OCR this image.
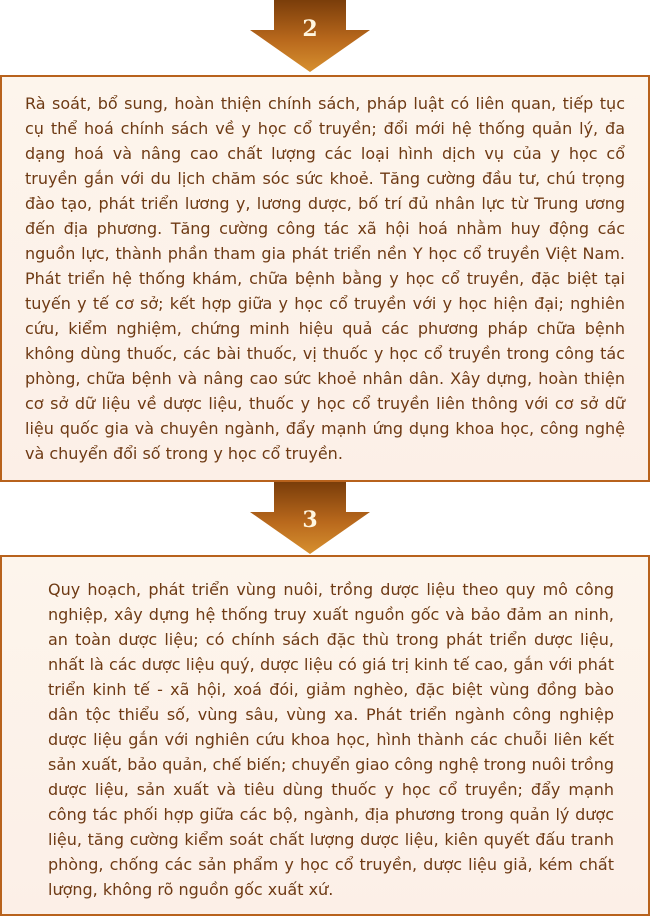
2

Rà soát, bổ sung, hoàn thiện chính sách, pháp luật có liên quan, tiếp tục cụ thể hoá chính sách về y học cổ truyền; đổi mới hệ thống quản lý, đa dạng hoá và nâng cao chất lượng các loại hình dịch vụ của y học cổ truyền gắn với du lịch chăm sóc sức khoẻ. Tăng cường đầu tư, chú trọng đào tạo, phát triển lương y, lương dược, bố trí đủ nhân lực từ Trung ương đến địa phương. Tăng cường công tác xã hội hoá nhằm huy động các nguồn lực, thành phần tham gia phát triển nền Y học cổ truyền Việt Nam. Phát triển hệ thống khám, chữa bệnh bằng y học cổ truyền, đặc biệt tại tuyến y tế cơ sở; kết hợp giữa y học cổ truyền với y học hiện đại; nghiên cứu, kiểm nghiệm, chứng minh hiệu quả các phương pháp chữa bệnh không dùng thuốc, các bài thuốc, vị thuốc y học cổ truyền trong công tác phòng, chữa bệnh và nâng cao sức khoẻ nhân dân. Xây dựng, hoàn thiện cơ sở dữ liệu về dược liệu, thuốc y học cổ truyền liên thông với cơ sở dữ liệu quốc gia và chuyên ngành, đẩy mạnh ứng dụng khoa học, công nghệ và chuyển đổi số trong y học cổ truyền.

3

Quy hoạch, phát triển vùng nuôi, trồng dược liệu theo quy mô công nghiệp, xây dựng hệ thống truy xuất nguồn gốc và bảo đảm an ninh, an toàn dược liệu; có chính sách đặc thù trong phát triển dược liệu, nhất là các dược liệu quý, dược liệu có giá trị kinh tế cao, gắn với phát triển kinh tế - xã hội, xoá đói, giảm nghèo, đặc biệt vùng đồng bào dân tộc thiểu số, vùng sâu, vùng xa. Phát triển ngành công nghiệp dược liệu gắn với nghiên cứu khoa học, hình thành các chuỗi liên kết sản xuất, bảo quản, chế biến; chuyển giao công nghệ trong nuôi trồng dược liệu, sản xuất và tiêu dùng thuốc y học cổ truyền; đẩy mạnh công tác phối hợp giữa các bộ, ngành, địa phương trong quản lý dược liệu, tăng cường kiểm soát chất lượng dược liệu, kiên quyết đấu tranh phòng, chống các sản phẩm y học cổ truyền, dược liệu giả, kém chất lượng, không rõ nguồn gốc xuất xứ.
